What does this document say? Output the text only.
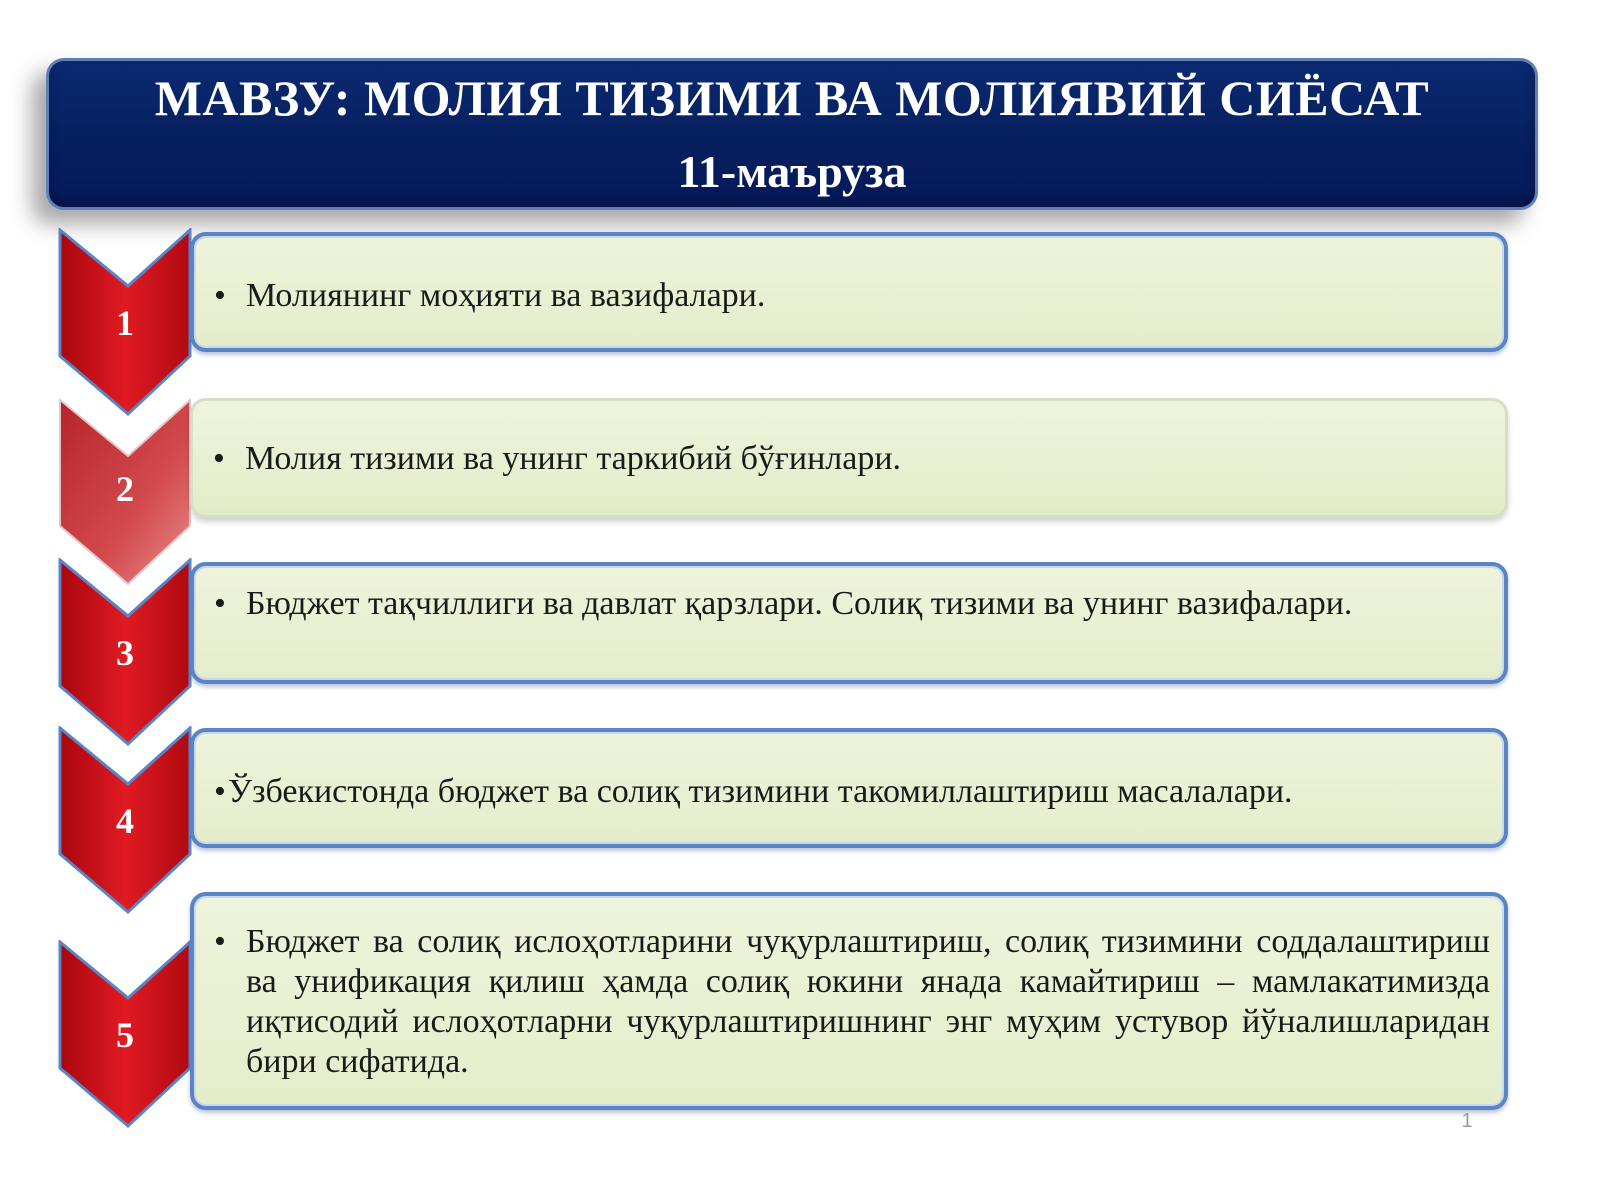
МАВЗУ: МОЛИЯ ТИЗИМИ ВА МОЛИЯВИЙ СИЁСАТ
11-маъруза
1
• Молиянинг моҳияти ва вазифалари.
2
• Молия тизими ва унинг таркибий бўғинлари.
3
• Бюджет тақчиллиги ва давлат қарзлари. Солиқ тизими ва унинг вазифалари.
4
• Ўзбекистонда бюджет ва солиқ тизимини такомиллаштириш масалалари.
5
• Бюджет ва солиқ ислоҳотларини чуқурлаштириш, солиқ тизимини соддалаштириш ва унификация қилиш ҳамда солиқ юкини янада камайтириш – мамлакатимизда иқтисодий ислоҳотларни чуқурлаштиришнинг энг муҳим устувор йўналишларидан бири сифатида.
1
